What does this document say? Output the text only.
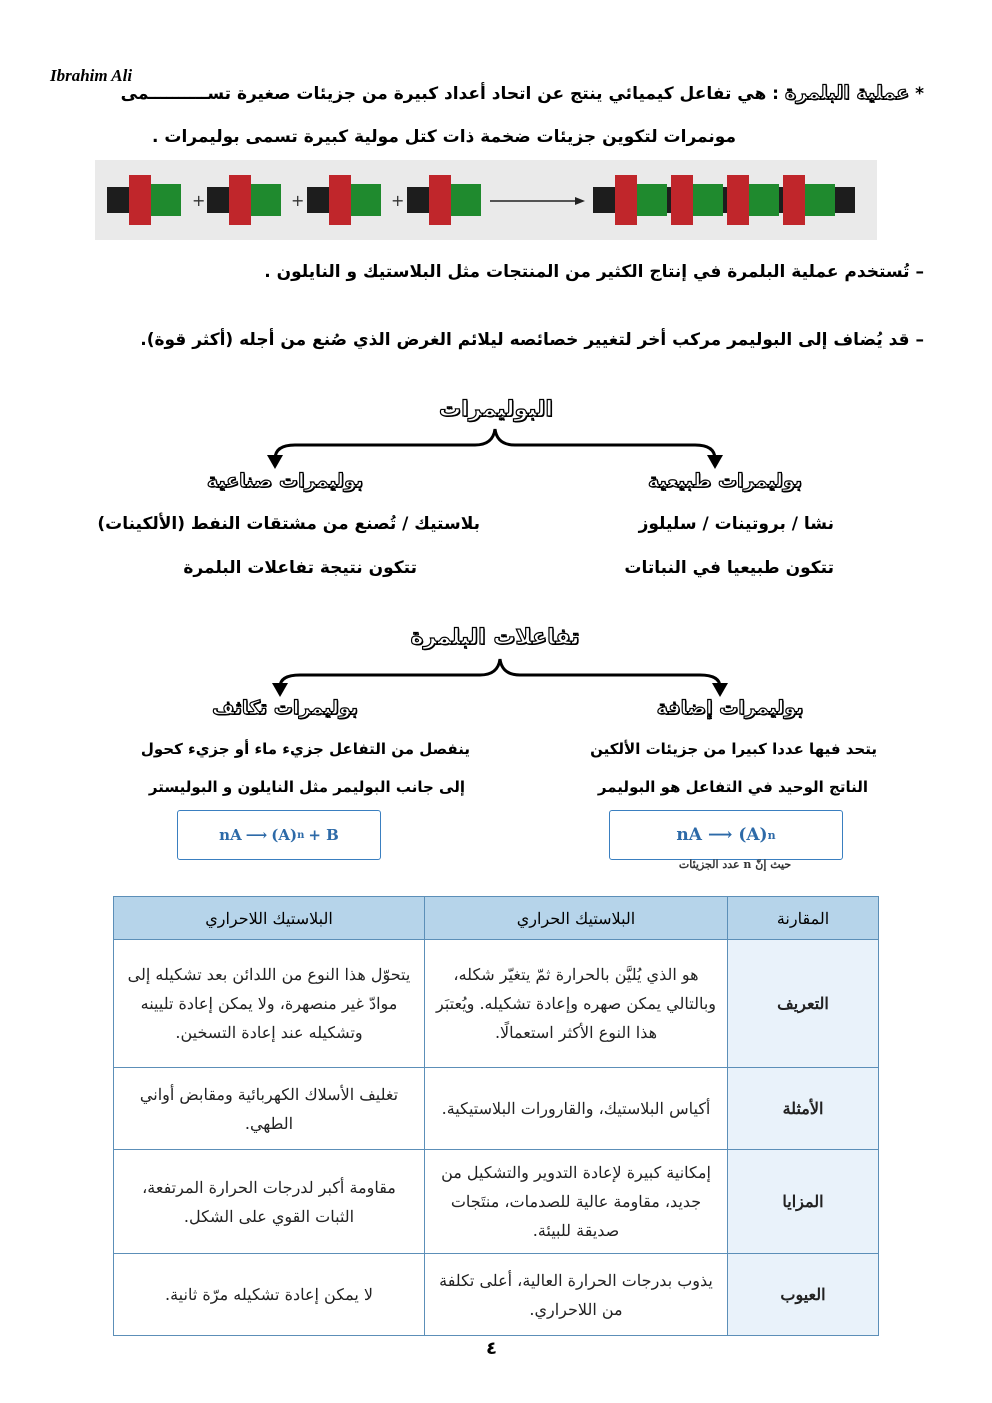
Ibrahim Ali
* عملية البلمرة : هي تفاعل كيميائي ينتج عن اتحاد أعداد كبيرة من جزيئات صغيرة تســــــــــمى
مونمرات لتكوين جزيئات ضخمة ذات كتل مولية كبيرة تسمى بوليمرات .
+	+	+
– تُستخدم عملية البلمرة في إنتاج الكثير من المنتجات مثل البلاستيك و النايلون .
– قد يُضاف إلى البوليمر مركب أخر لتغيير خصائصه ليلائم الغرض الذي صُنع من أجله (أكثر قوة).
البوليمرات
بوليمرات طبيعية
بوليمرات صناعية
نشا / بروتينات / سليلوز
تتكون طبيعيا في النباتات
بلاستيك / تُصنع من مشتقات النفط (الألكينات)
تتكون نتيجة تفاعلات البلمرة
تفاعلات البلمرة
بوليمرات إضافة
بوليمرات تكاثف
يتحد فيها عددا كبيرا من جزيئات الألكين
الناتج الوحيد في التفاعل هو البوليمر
ينفصل من التفاعل جزيء ماء أو جزيء كحول
إلى جانب البوليمر مثل النايلون و البوليستر
nA ⟶ (A) n + B	nA ⟶ (A) n
حيث إنّ n عدد الجزيئات
المقارنة	البلاستيك الحراري	البلاستيك اللاحراري
التعريف	هو الذي يُليَّن بالحرارة ثمّ يتغيّر شكله، وبالتالي يمكن صهره وإعادة تشكيله. ويُعتبَر هذا النوع الأكثر استعمالًا.	يتحوّل هذا النوع من اللدائن بعد تشكيله إلى موادّ غير منصهرة، ولا يمكن إعادة تليينه وتشكيله عند إعادة التسخين.
الأمثلة	أكياس البلاستيك، والقارورات البلاستيكية.	تغليف الأسلاك الكهربائية ومقابض أواني الطهي.
المزايا	إمكانية كبيرة لإعادة التدوير والتشكيل من جديد، مقاومة عالية للصدمات، منتَجات صديقة للبيئة.	مقاومة أكبر لدرجات الحرارة المرتفعة، الثبات القوي على الشكل.
العيوب	يذوب بدرجات الحرارة العالية، أعلى تكلفة من اللاحراري.	لا يمكن إعادة تشكيله مرّة ثانية.
٤
